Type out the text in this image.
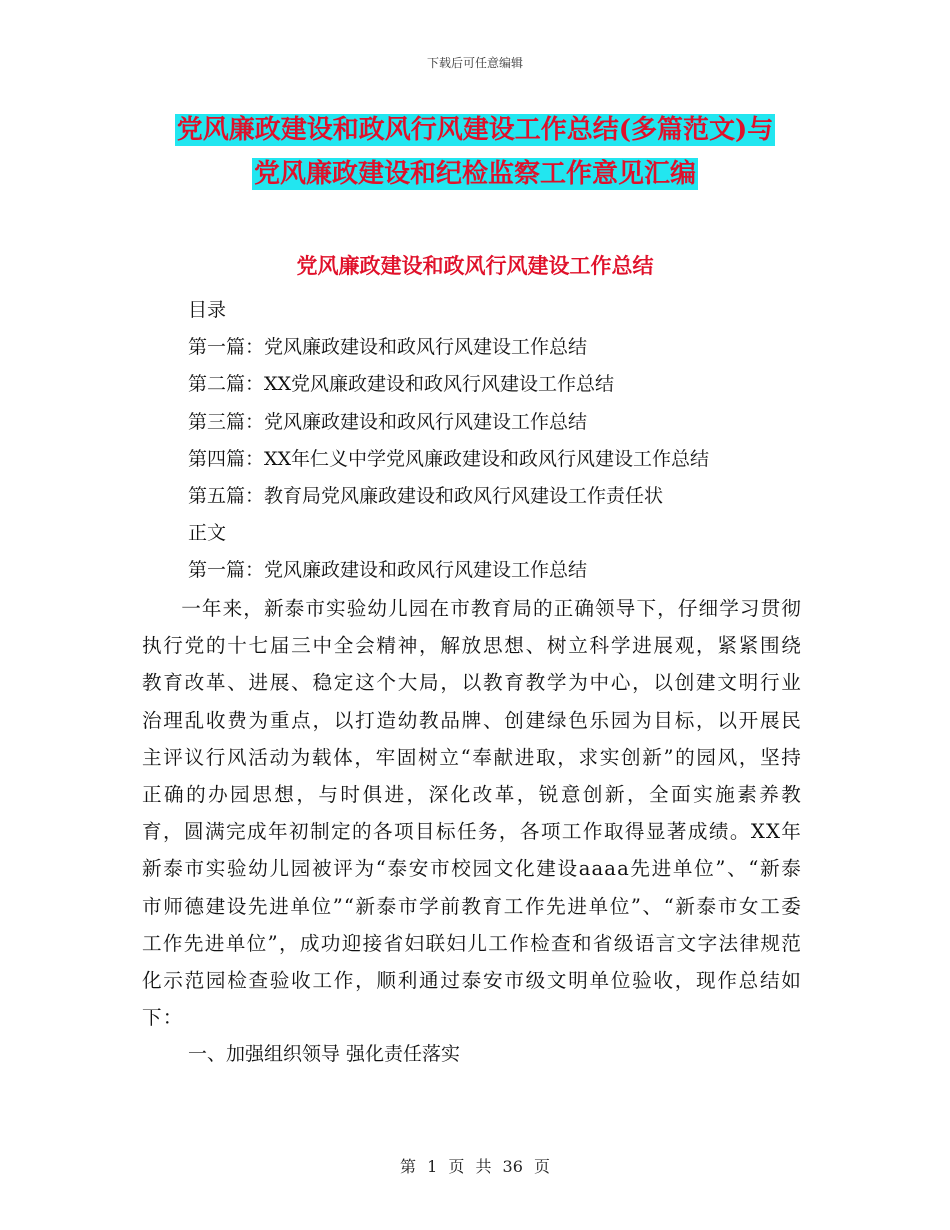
下载后可任意编辑
党风廉政建设和政风行风建设工作总结(多篇范文)与
党风廉政建设和纪检监察工作意见汇编
党风廉政建设和政风行风建设工作总结
目录
第一篇：党风廉政建设和政风行风建设工作总结
第二篇：XX党风廉政建设和政风行风建设工作总结
第三篇：党风廉政建设和政风行风建设工作总结
第四篇：XX年仁义中学党风廉政建设和政风行风建设工作总结
第五篇：教育局党风廉政建设和政风行风建设工作责任状
正文
第一篇：党风廉政建设和政风行风建设工作总结
一年来，新泰市实验幼儿园在市教育局的正确领导下，仔细学习贯彻执行党的十七届三中全会精神，解放思想、树立科学进展观，紧紧围绕教育改革、进展、稳定这个大局，以教育教学为中心，以创建文明行业治理乱收费为重点，以打造幼教品牌、创建绿色乐园为目标，以开展民主评议行风活动为载体，牢固树立“奉献进取，求实创新”的园风，坚持正确的办园思想，与时俱进，深化改革，锐意创新，全面实施素养教育，圆满完成年初制定的各项目标任务，各项工作取得显著成绩。XX年新泰市实验幼儿园被评为“泰安市校园文化建设aaaa先进单位”、“新泰市师德建设先进单位”“新泰市学前教育工作先进单位”、“新泰市女工委工作先进单位”，成功迎接省妇联妇儿工作检查和省级语言文字法律规范化示范园检查验收工作，顺利通过泰安市级文明单位验收，现作总结如下：
一、加强组织领导 强化责任落实
第 1 页 共 36 页
